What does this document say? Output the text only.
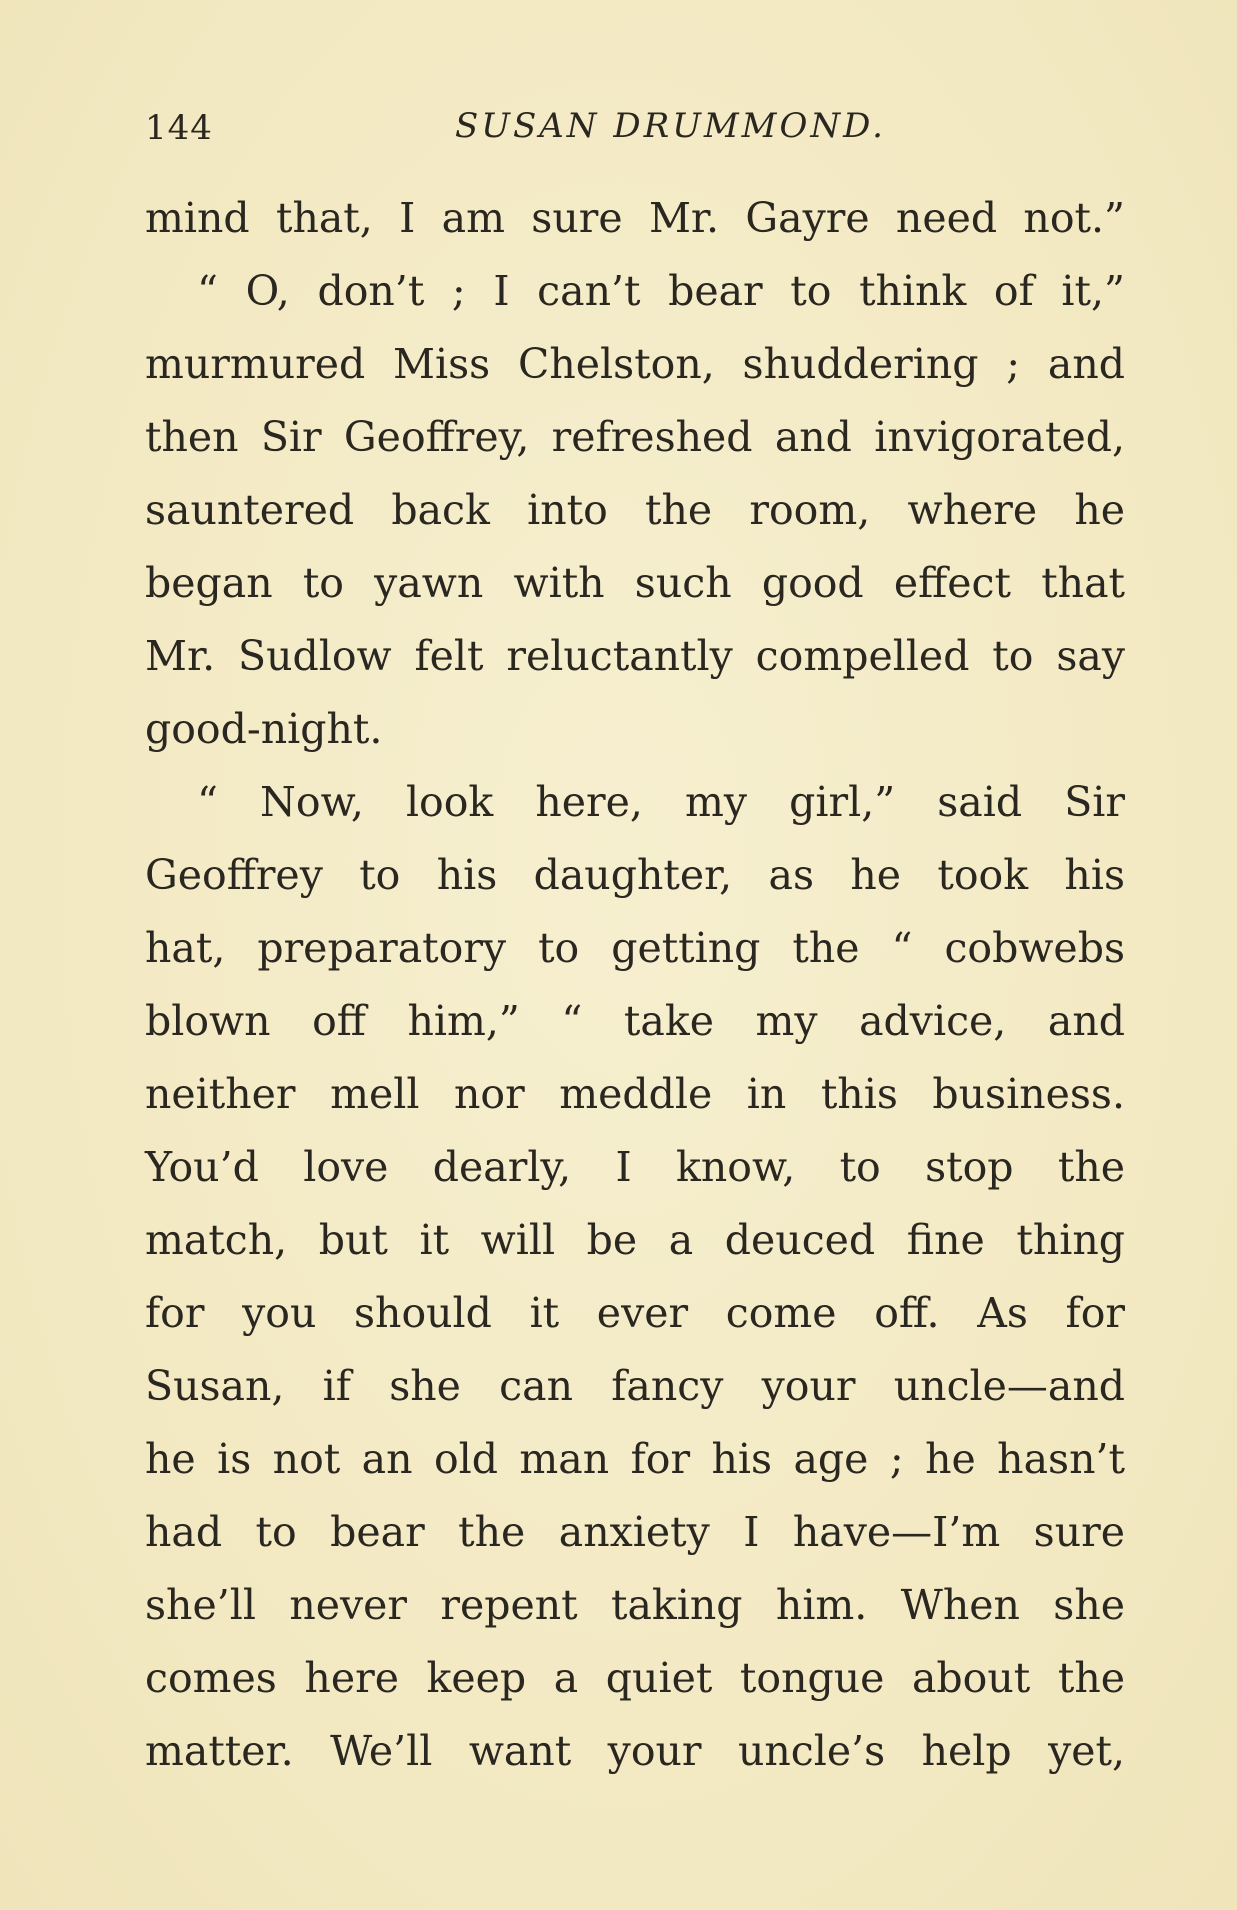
144	SUSAN DRUMMOND.
mind that, I am sure Mr. Gayre need not.”
“ O, don’t ; I can’t bear to think of it,”
murmured Miss Chelston, shuddering ; and
then Sir Geoffrey, refreshed and invigorated,
sauntered back into the room, where he
began to yawn with such good effect that
Mr. Sudlow felt reluctantly compelled to say
good-night.
“ Now, look here, my girl,” said Sir
Geoffrey to his daughter, as he took his
hat, preparatory to getting the “ cobwebs
blown off him,” “ take my advice, and
neither mell nor meddle in this business.
You’d love dearly, I know, to stop the
match, but it will be a deuced fine thing
for you should it ever come off. As for
Susan, if she can fancy your uncle—and
he is not an old man for his age ; he hasn’t
had to bear the anxiety I have—I’m sure
she’ll never repent taking him. When she
comes here keep a quiet tongue about the
matter. We’ll want your uncle’s help yet,
